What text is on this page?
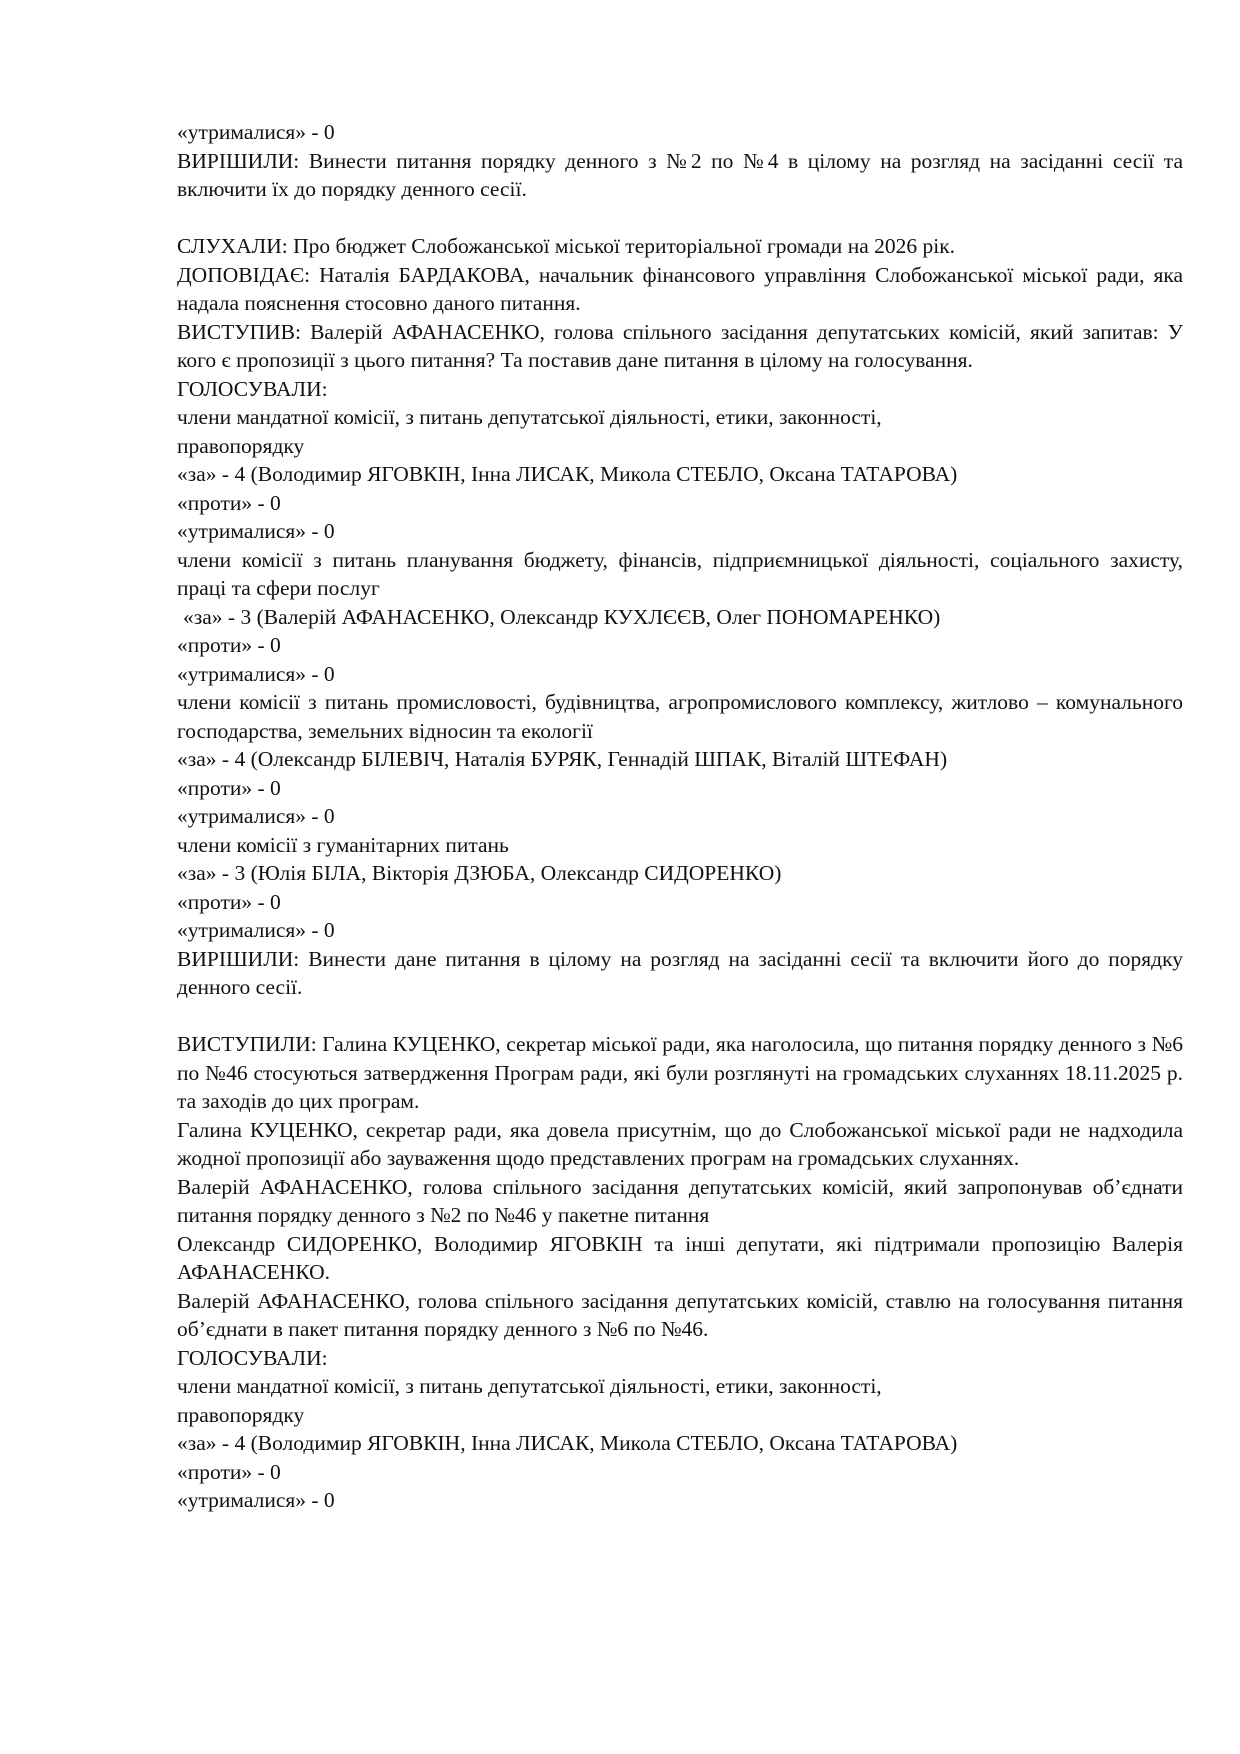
«утрималися» - 0

ВИРІШИЛИ: Винести питання порядку денного з №2 по №4 в цілому на розгляд на засіданні сесії та включити їх до порядку денного сесії.

СЛУХАЛИ: Про бюджет Слобожанської міської територіальної громади на 2026 рік.

ДОПОВІДАЄ: Наталія БАРДАКОВА, начальник фінансового управління Слобожанської міської ради, яка надала пояснення стосовно даного питання.

ВИСТУПИВ: Валерій АФАНАСЕНКО, голова спільного засідання депутатських комісій, який запитав: У кого є пропозиції з цього питання? Та поставив дане питання в цілому на голосування.

ГОЛОСУВАЛИ:

члени мандатної комісії, з питань депутатської діяльності, етики, законності,

правопорядку

«за» - 4 (Володимир ЯГОВКІН, Інна ЛИСАК, Микола СТЕБЛО, Оксана ТАТАРОВА)

«проти» - 0

«утрималися» - 0

члени комісії з питань планування бюджету, фінансів, підприємницької діяльності, соціального захисту, праці та сфери послуг

«за» - 3 (Валерій АФАНАСЕНКО, Олександр КУХЛЄЄВ, Олег ПОНОМАРЕНКО)

«проти» - 0

«утрималися» - 0

члени комісії з питань промисловості, будівництва, агропромислового комплексу, житлово – комунального господарства, земельних відносин та екології

«за» - 4 (Олександр БІЛЕВІЧ, Наталія БУРЯК, Геннадій ШПАК, Віталій ШТЕФАН)

«проти» - 0

«утрималися» - 0

члени комісії з гуманітарних питань

«за» - 3 (Юлія БІЛА, Вікторія ДЗЮБА, Олександр СИДОРЕНКО)

«проти» - 0

«утрималися» - 0

ВИРІШИЛИ: Винести дане питання в цілому на розгляд на засіданні сесії та включити його до порядку денного сесії.

ВИСТУПИЛИ: Галина КУЦЕНКО, секретар міської ради, яка наголосила, що питання порядку денного з №6 по №46 стосуються затвердження Програм ради, які були розглянуті на громадських слуханнях 18.11.2025 р. та заходів до цих програм.

Галина КУЦЕНКО, секретар ради, яка довела присутнім, що до Слобожанської міської ради не надходила жодної пропозиції або зауваження щодо представлених програм на громадських слуханнях.

Валерій АФАНАСЕНКО, голова спільного засідання депутатських комісій, який запропонував об’єднати питання порядку денного з №2 по №46 у пакетне питання

Олександр СИДОРЕНКО, Володимир ЯГОВКІН та інші депутати, які підтримали пропозицію Валерія АФАНАСЕНКО.

Валерій АФАНАСЕНКО, голова спільного засідання депутатських комісій, ставлю на голосування питання об’єднати в пакет питання порядку денного з №6 по №46.

ГОЛОСУВАЛИ:

члени мандатної комісії, з питань депутатської діяльності, етики, законності,

правопорядку

«за» - 4 (Володимир ЯГОВКІН, Інна ЛИСАК, Микола СТЕБЛО, Оксана ТАТАРОВА)

«проти» - 0

«утрималися» - 0
